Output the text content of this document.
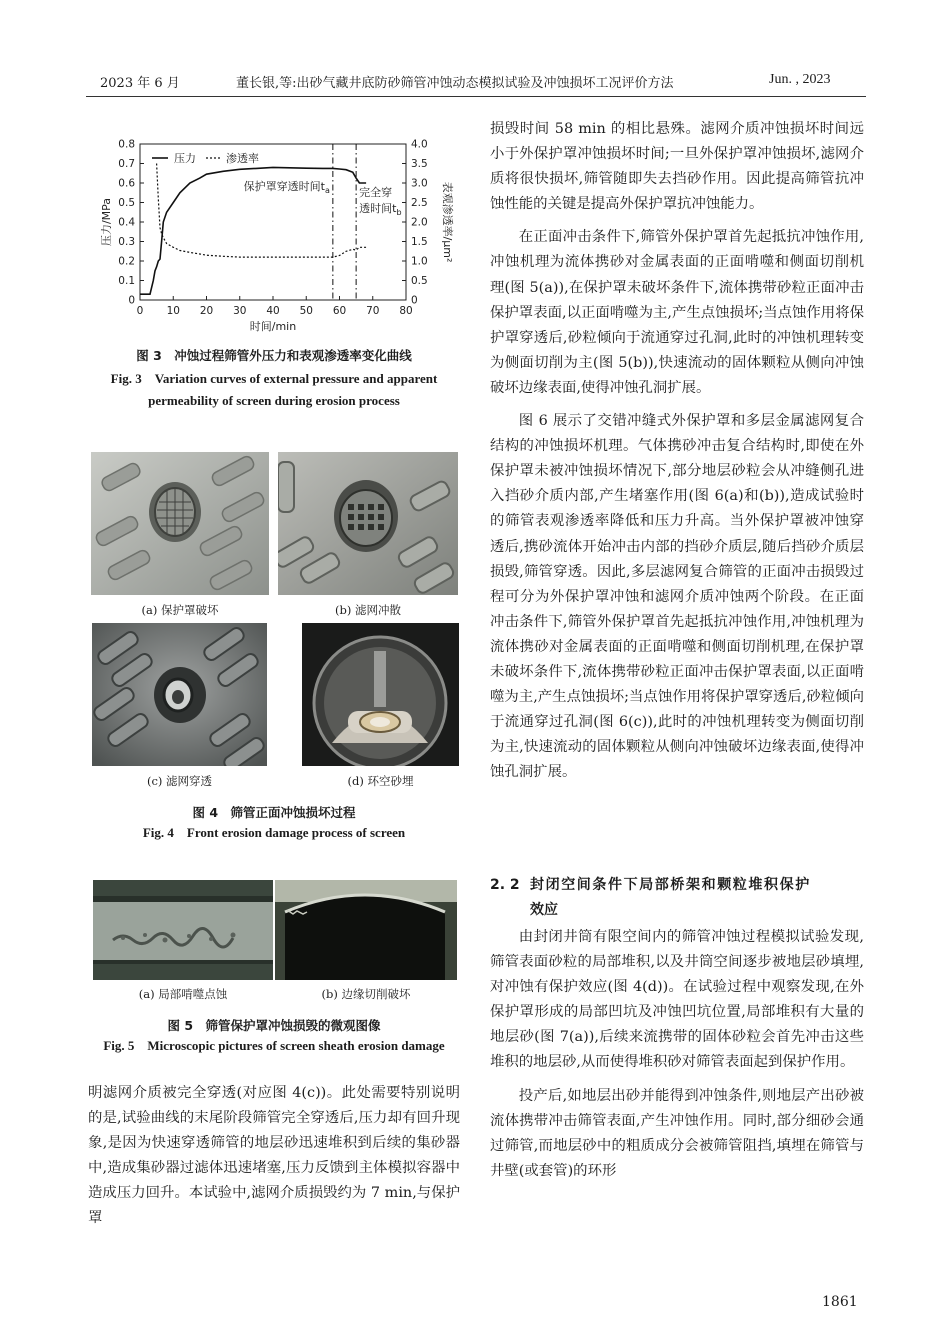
2023 年 6 月	董长银,等:出砂气藏井底防砂筛管冲蚀动态模拟试验及冲蚀损坏工况评价方法	Jun. , 2023
0 10 20 30 40 50 60 70 80
0
0.1
0.2
0.3
0.4
0.5
0.6
0.7
0.8
0
0.5
1.0
1.5
2.0
2.5
3.0
3.5
4.0
时间/min
压力/MPa	表观渗透率/μm²
保护罩穿透时间$t_a$	完全穿
透时间$t_b$
压力	渗透率
图 3　冲蚀过程筛管外压力和表观渗透率变化曲线
Fig. 3　Variation curves of external pressure and apparent
permeability of screen during erosion process
(a) 保护罩破坏	(b) 滤网冲散
(c) 滤网穿透	(d) 环空砂埋
图 4　筛管正面冲蚀损坏过程
Fig. 4　Front erosion damage process of screen
(a) 局部啃噬点蚀	(b) 边缘切削破坏
图 5　筛管保护罩冲蚀损毁的微观图像
Fig. 5　Microscopic pictures of screen sheath erosion damage

明滤网介质被完全穿透(对应图 4(c))。此处需要特别说明的是,试验曲线的末尾阶段筛管完全穿透后,压力却有回升现象,是因为快速穿透筛管的地层砂迅速堆积到后续的集砂器中,造成集砂器过滤体迅速堵塞,压力反馈到主体模拟容器中造成压力回升。本试验中,滤网介质损毁约为 7 min,与保护罩

损毁时间 58 min 的相比悬殊。滤网介质冲蚀损坏时间远小于外保护罩冲蚀损坏时间;一旦外保护罩冲蚀损坏,滤网介质将很快损坏,筛管随即失去挡砂作用。因此提高筛管抗冲蚀性能的关键是提高外保护罩抗冲蚀能力。

在正面冲击条件下,筛管外保护罩首先起抵抗冲蚀作用,冲蚀机理为流体携砂对金属表面的正面啃噬和侧面切削机理(图 5(a)),在保护罩未破坏条件下,流体携带砂粒正面冲击保护罩表面,以正面啃噬为主,产生点蚀损坏;当点蚀作用将保护罩穿透后,砂粒倾向于流通穿过孔洞,此时的冲蚀机理转变为侧面切削为主(图 5(b)),快速流动的固体颗粒从侧向冲蚀破坏边缘表面,使得冲蚀孔洞扩展。

图 6 展示了交错冲缝式外保护罩和多层金属滤网复合结构的冲蚀损坏机理。气体携砂冲击复合结构时,即使在外保护罩未被冲蚀损坏情况下,部分地层砂粒会从冲缝侧孔进入挡砂介质内部,产生堵塞作用(图 6(a)和(b)),造成试验时的筛管表观渗透率降低和压力升高。当外保护罩被冲蚀穿透后,携砂流体开始冲击内部的挡砂介质层,随后挡砂介质层损毁,筛管穿透。因此,多层滤网复合筛管的正面冲击损毁过程可分为外保护罩冲蚀和滤网介质冲蚀两个阶段。在正面冲击条件下,筛管外保护罩首先起抵抗冲蚀作用,冲蚀机理为流体携砂对金属表面的正面啃噬和侧面切削机理,在保护罩未破坏条件下,流体携带砂粒正面冲击保护罩表面,以正面啃噬为主,产生点蚀损坏;当点蚀作用将保护罩穿透后,砂粒倾向于流通穿过孔洞(图 6(c)),此时的冲蚀机理转变为侧面切削为主,快速流动的固体颗粒从侧向冲蚀破坏边缘表面,使得冲蚀孔洞扩展。

2. 2 封闭空间条件下局部桥架和颗粒堆积保护
效应

由封闭井筒有限空间内的筛管冲蚀过程模拟试验发现,筛管表面砂粒的局部堆积,以及井筒空间逐步被地层砂填埋,对冲蚀有保护效应(图 4(d))。在试验过程中观察发现,在外保护罩形成的局部凹坑及冲蚀凹坑位置,局部堆积有大量的地层砂(图 7(a)),后续来流携带的固体砂粒会首先冲击这些堆积的地层砂,从而使得堆积砂对筛管表面起到保护作用。

投产后,如地层出砂并能得到冲蚀条件,则地层产出砂被流体携带冲击筛管表面,产生冲蚀作用。同时,部分细砂会通过筛管,而地层砂中的粗质成分会被筛管阻挡,填埋在筛管与井壁(或套管)的环形

1861
